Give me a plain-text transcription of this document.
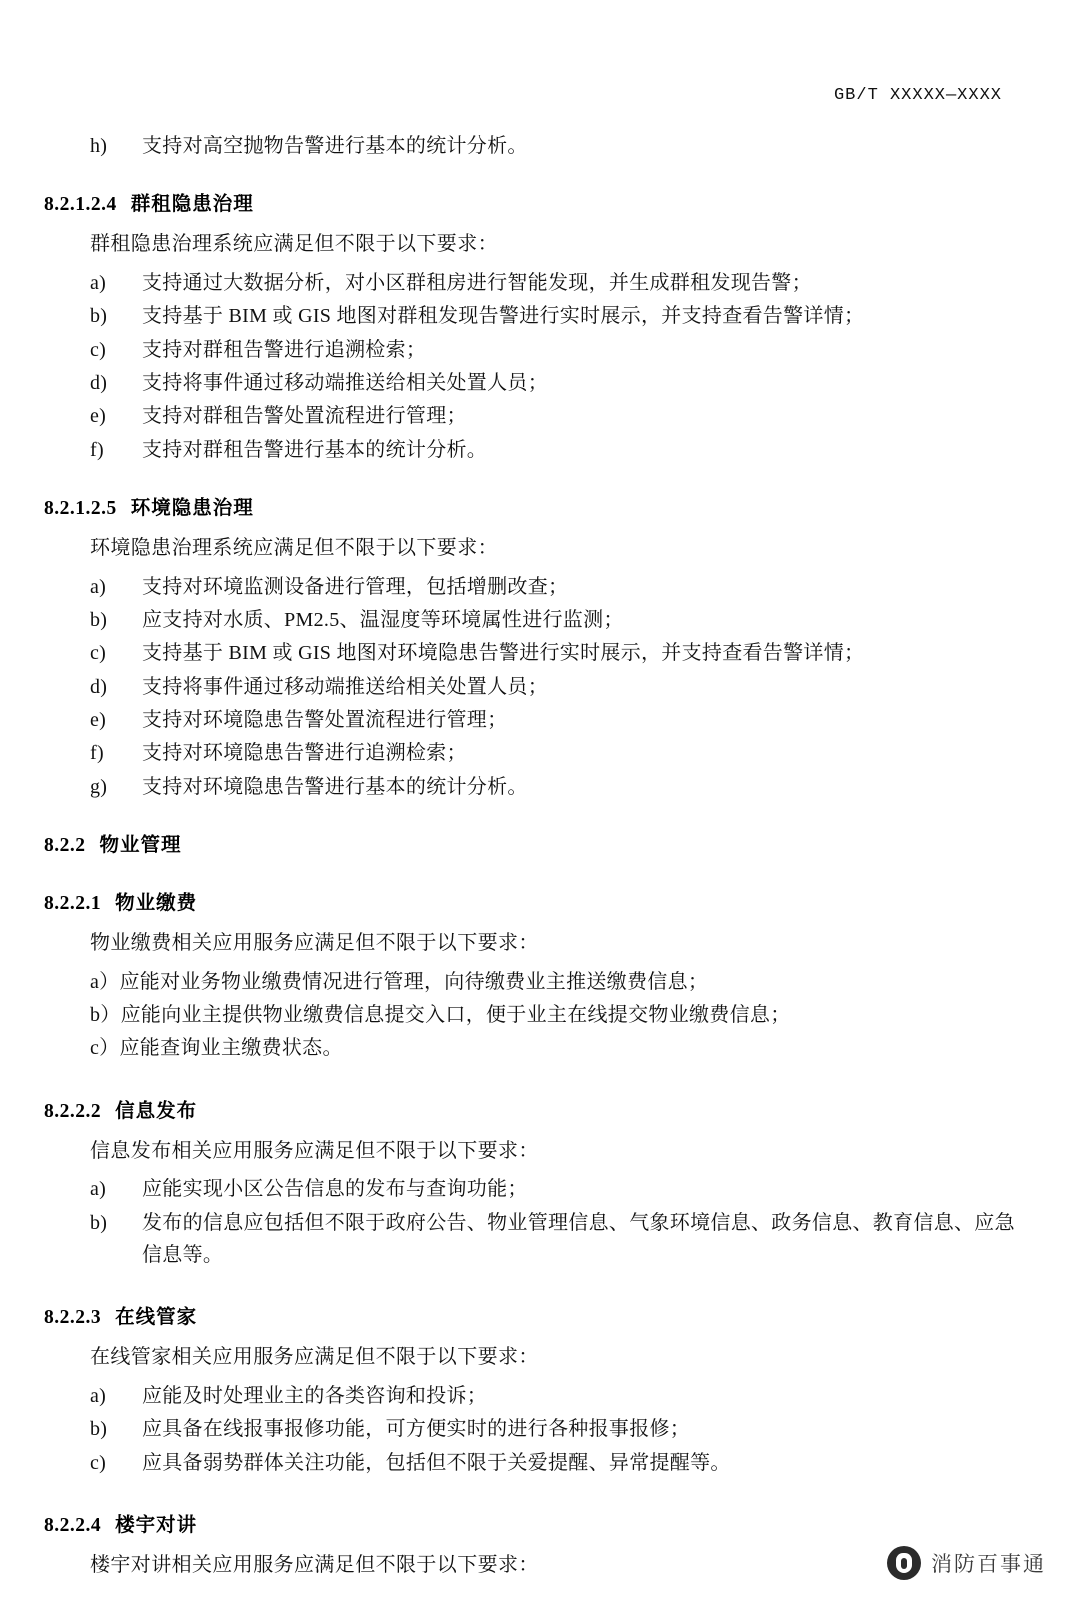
GB/T XXXXX—XXXX
h)	支持对高空抛物告警进行基本的统计分析。
8.2.1.2.4 群租隐患治理

群租隐患治理系统应满足但不限于以下要求：

a)	支持通过大数据分析，对小区群租房进行智能发现，并生成群租发现告警；
b)	支持基于 BIM 或 GIS 地图对群租发现告警进行实时展示，并支持查看告警详情；
c)	支持对群租告警进行追溯检索；
d)	支持将事件通过移动端推送给相关处置人员；
e)	支持对群租告警处置流程进行管理；
f)	支持对群租告警进行基本的统计分析。
8.2.1.2.5 环境隐患治理

环境隐患治理系统应满足但不限于以下要求：

a)	支持对环境监测设备进行管理，包括增删改查；
b)	应支持对水质、PM2.5、温湿度等环境属性进行监测；
c)	支持基于 BIM 或 GIS 地图对环境隐患告警进行实时展示，并支持查看告警详情；
d)	支持将事件通过移动端推送给相关处置人员；
e)	支持对环境隐患告警处置流程进行管理；
f)	支持对环境隐患告警进行追溯检索；
g)	支持对环境隐患告警进行基本的统计分析。
8.2.2 物业管理
8.2.2.1 物业缴费

物业缴费相关应用服务应满足但不限于以下要求：

a） 应能对业务物业缴费情况进行管理，向待缴费业主推送缴费信息；
b） 应能向业主提供物业缴费信息提交入口，便于业主在线提交物业缴费信息；
c） 应能查询业主缴费状态。
8.2.2.2 信息发布

信息发布相关应用服务应满足但不限于以下要求：

a)	应能实现小区公告信息的发布与查询功能；
b)	发布的信息应包括但不限于政府公告、物业管理信息、气象环境信息、政务信息、教育信息、应急信息等。
8.2.2.3 在线管家

在线管家相关应用服务应满足但不限于以下要求：

a)	应能及时处理业主的各类咨询和投诉；
b)	应具备在线报事报修功能，可方便实时的进行各种报事报修；
c)	应具备弱势群体关注功能，包括但不限于关爱提醒、异常提醒等。
8.2.2.4 楼宇对讲

楼宇对讲相关应用服务应满足但不限于以下要求：	消防百事通
